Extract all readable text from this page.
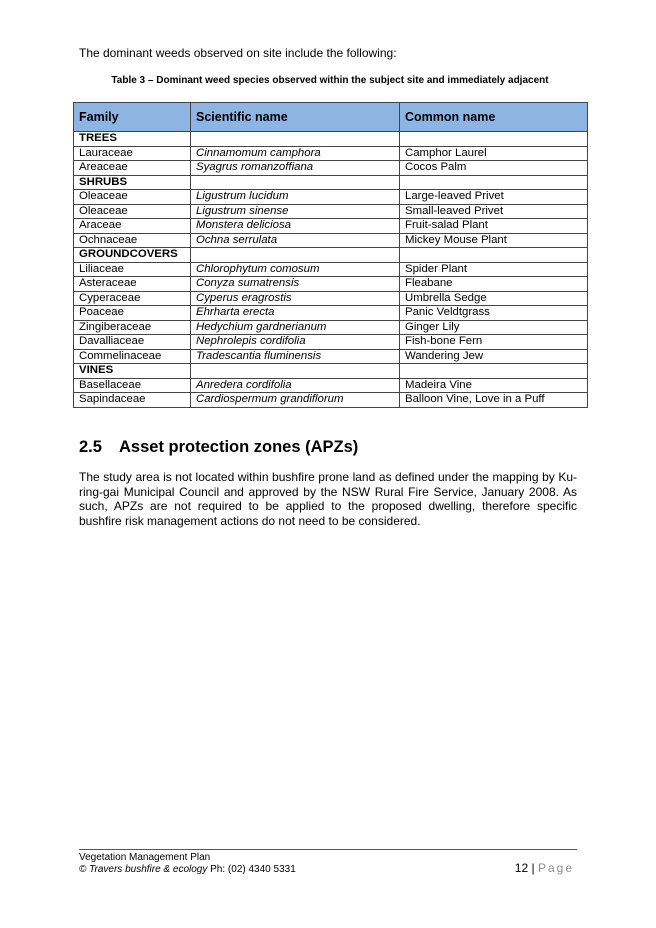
The dominant weeds observed on site include the following:
Table 3 – Dominant weed species observed within the subject site and immediately adjacent
Family	Scientific name	Common name
TREES		
Lauraceae	Cinnamomum camphora	Camphor Laurel
Areaceae	Syagrus romanzoffiana	Cocos Palm
SHRUBS		
Oleaceae	Ligustrum lucidum	Large-leaved Privet
Oleaceae	Ligustrum sinense	Small-leaved Privet
Araceae	Monstera deliciosa	Fruit-salad Plant
Ochnaceae	Ochna serrulata	Mickey Mouse Plant
GROUNDCOVERS		
Liliaceae	Chlorophytum comosum	Spider Plant
Asteraceae	Conyza sumatrensis	Fleabane
Cyperaceae	Cyperus eragrostis	Umbrella Sedge
Poaceae	Ehrharta erecta	Panic Veldtgrass
Zingiberaceae	Hedychium gardnerianum	Ginger Lily
Davalliaceae	Nephrolepis cordifolia	Fish-bone Fern
Commelinaceae	Tradescantia fluminensis	Wandering Jew
VINES		
Basellaceae	Anredera cordifolia	Madeira Vine
Sapindaceae	Cardiospermum grandiflorum	Balloon Vine, Love in a Puff
2.5 Asset protection zones (APZs)
The study area is not located within bushfire prone land as defined under the mapping by Ku-ring-gai Municipal Council and approved by the NSW Rural Fire Service, January 2008. As such, APZs are not required to be applied to the proposed dwelling, therefore specific bushfire risk management actions do not need to be considered.
Vegetation Management Plan
© Travers bushfire & ecology Ph: (02) 4340 5331	12 | Page
